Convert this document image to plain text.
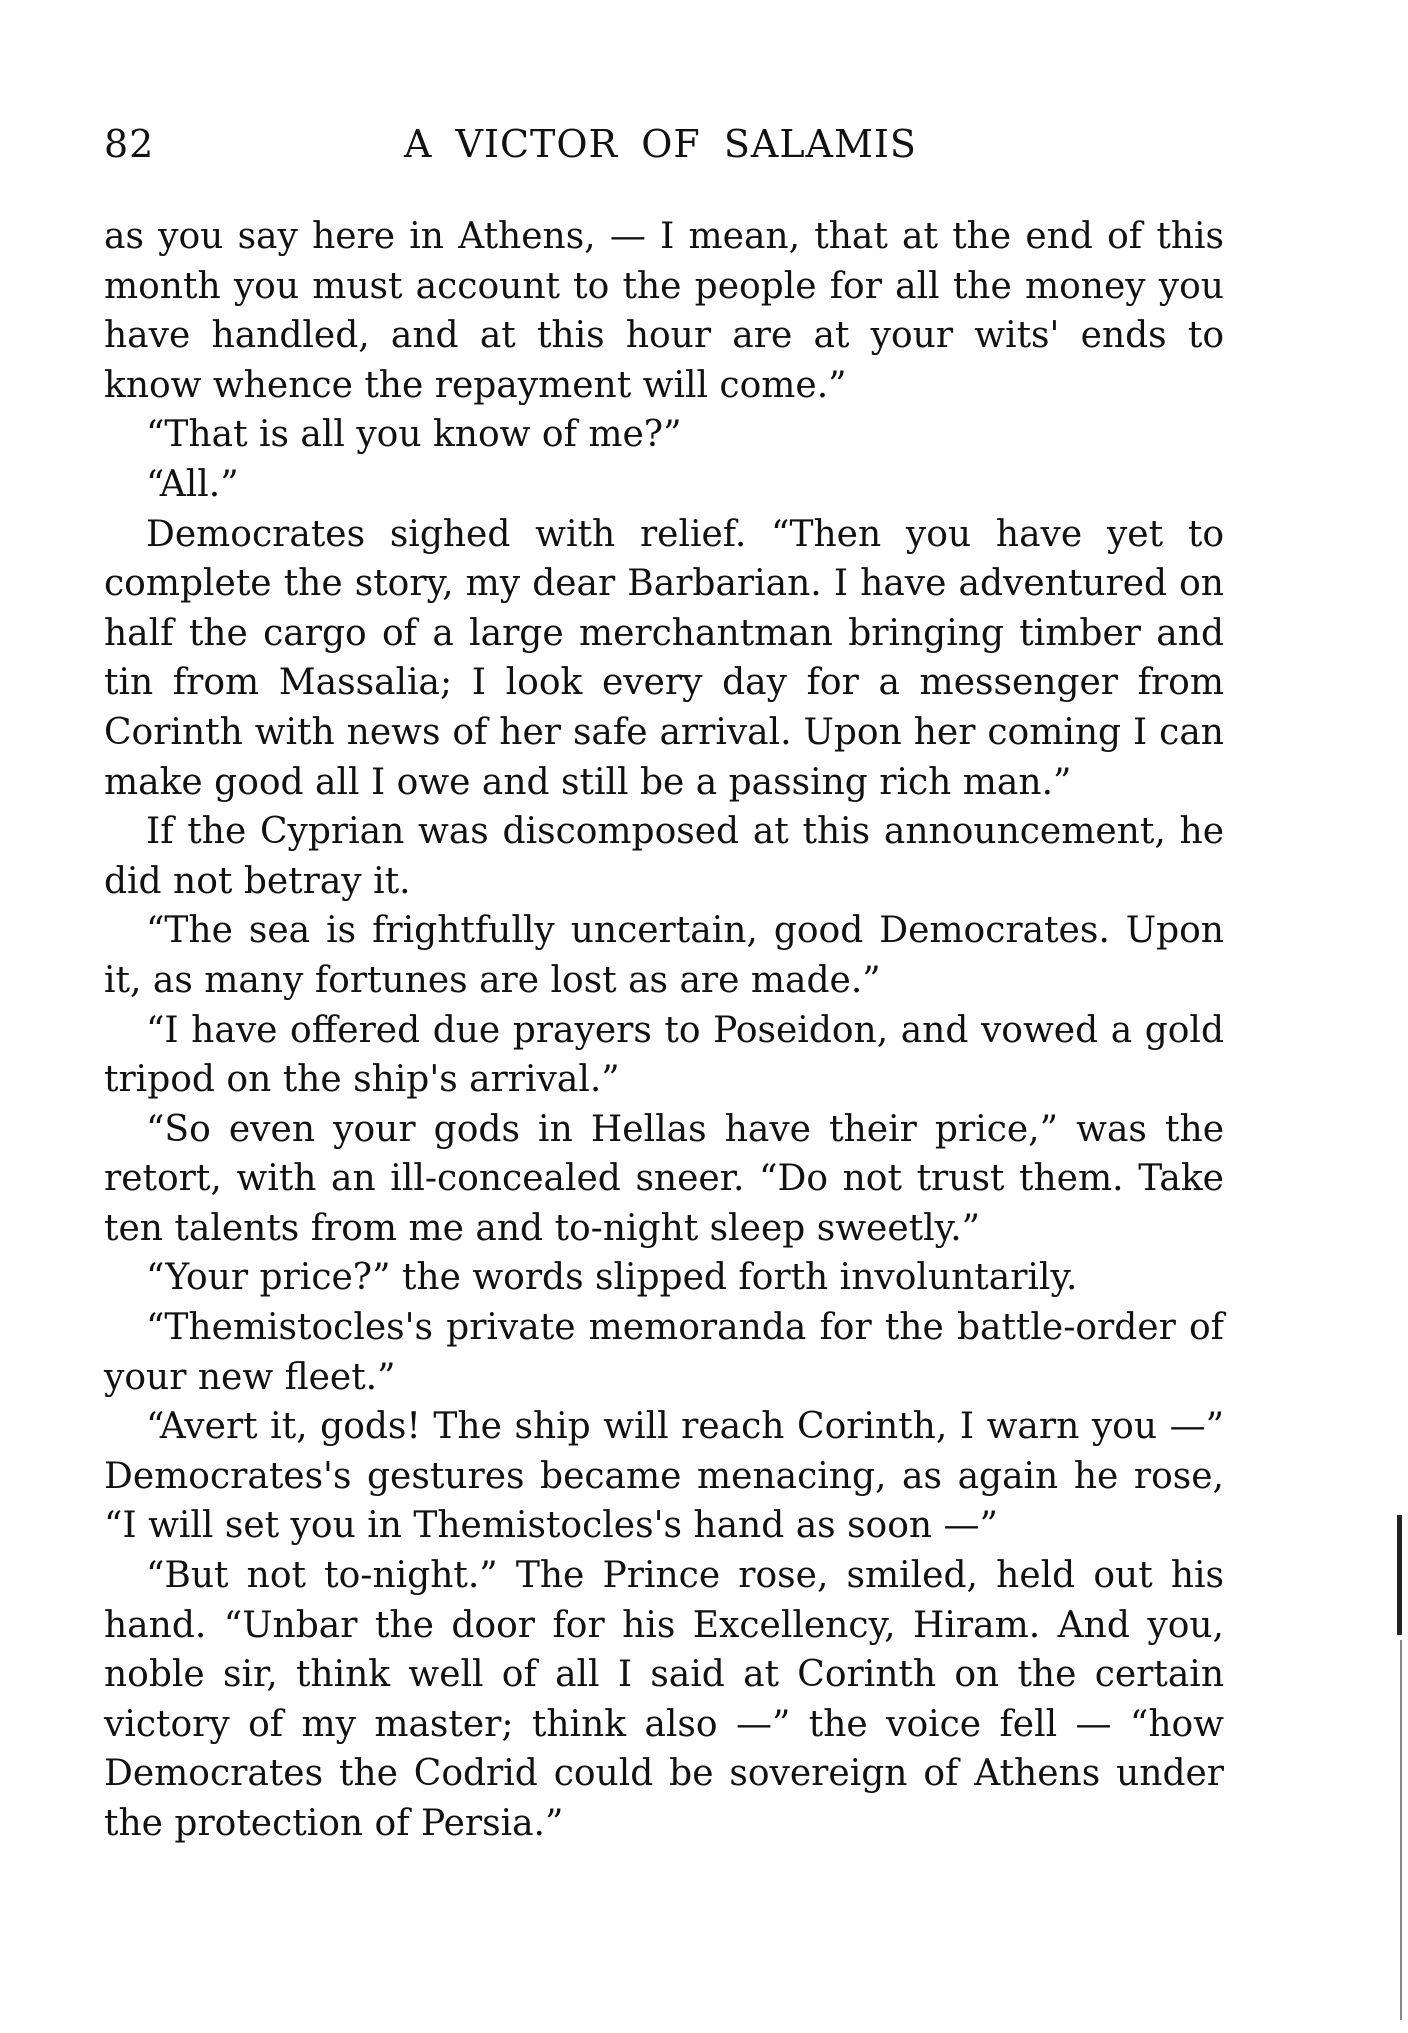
82	A VICTOR OF SALAMIS

as you say here in Athens, — I mean, that at the end of this month you must account to the people for all the money you have handled, and at this hour are at your wits' ends to know whence the repayment will come.”

“That is all you know of me?”

“All.”

Democrates sighed with relief. “Then you have yet to complete the story, my dear Barbarian. I have adventured on half the cargo of a large merchantman bringing timber and tin from Massalia; I look every day for a messenger from Corinth with news of her safe arrival. Upon her coming I can make good all I owe and still be a passing rich man.”

If the Cyprian was discomposed at this announcement, he did not betray it.

“The sea is frightfully uncertain, good Democrates. Upon it, as many fortunes are lost as are made.”

“I have offered due prayers to Poseidon, and vowed a gold tripod on the ship's arrival.”

“So even your gods in Hellas have their price,” was the retort, with an ill-concealed sneer. “Do not trust them. Take ten talents from me and to-night sleep sweetly.”

“Your price?” the words slipped forth involuntarily.

“Themistocles's private memoranda for the battle-order of your new fleet.”

“Avert it, gods! The ship will reach Corinth, I warn you —” Democrates's gestures became menacing, as again he rose, “I will set you in Themistocles's hand as soon —”

“But not to-night.” The Prince rose, smiled, held out his hand. “Unbar the door for his Excellency, Hiram. And you, noble sir, think well of all I said at Corinth on the certain victory of my master; think also —” the voice fell — “how Democrates the Codrid could be sovereign of Athens under the protection of Persia.”
